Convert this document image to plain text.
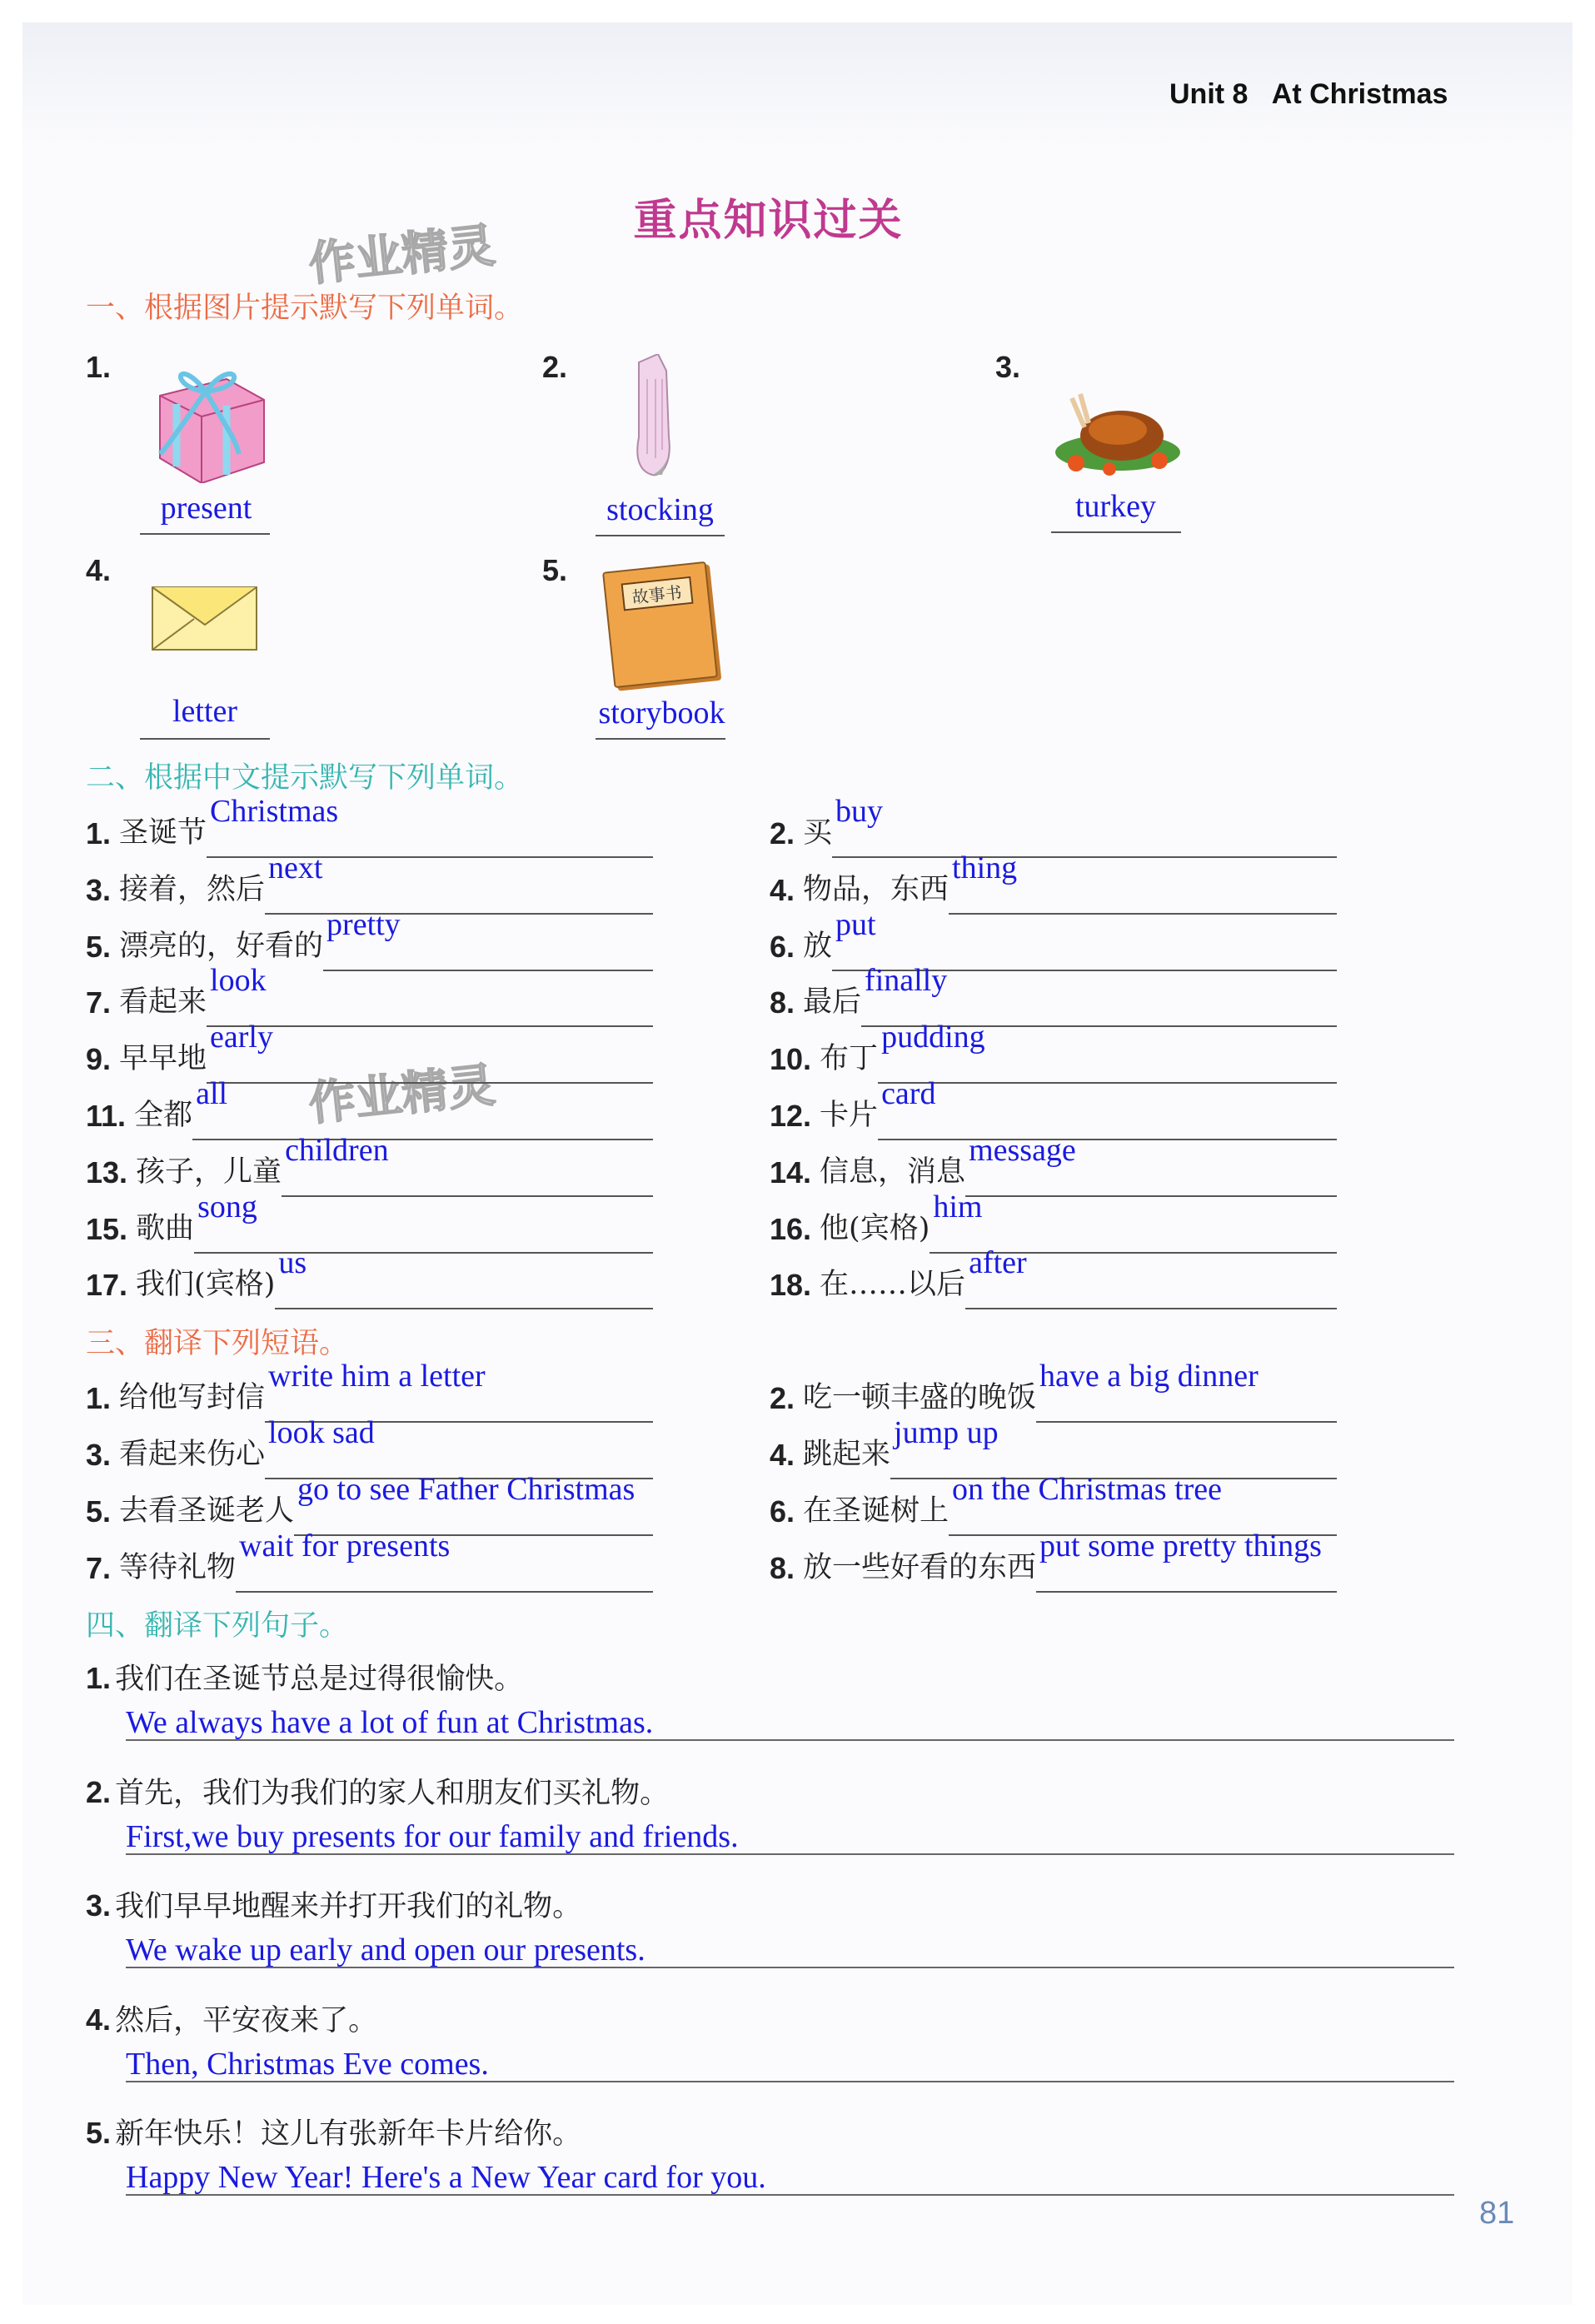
Unit 8 At Christmas
重点知识过关
作业精灵
作业精灵
一、根据图片提示默写下列单词。
1.
present
2.
stocking
3.
turkey
4.
letter
5.
故事书
storybook
二、根据中文提示默写下列单词。
1. 圣诞节
Christmas
2. 买
buy
3. 接着，然后
next
4. 物品，东西
thing
5. 漂亮的，好看的
pretty
6. 放
put
7. 看起来
look
8. 最后
finally
9. 早早地
early
10. 布丁
pudding
11. 全都
all
12. 卡片
card
13. 孩子，儿童
children
14. 信息，消息
message
15. 歌曲
song
16. 他(宾格)
him
17. 我们(宾格)
us
18. 在……以后
after
三、翻译下列短语。
1. 给他写封信
write him a letter
2. 吃一顿丰盛的晚饭
have a big dinner
3. 看起来伤心
look sad
4. 跳起来
jump up
5. 去看圣诞老人
go to see Father Christmas
6. 在圣诞树上
on the Christmas tree
7. 等待礼物
wait for presents
8. 放一些好看的东西
put some pretty things
四、翻译下列句子。
1. 我们在圣诞节总是过得很愉快。
We always have a lot of fun at Christmas.
2. 首先，我们为我们的家人和朋友们买礼物。
First,we buy presents for our family and friends.
3. 我们早早地醒来并打开我们的礼物。
We wake up early and open our presents.
4. 然后，平安夜来了。
Then, Christmas Eve comes.
5. 新年快乐！这儿有张新年卡片给你。
Happy New Year! Here's a New Year card for you.
81
